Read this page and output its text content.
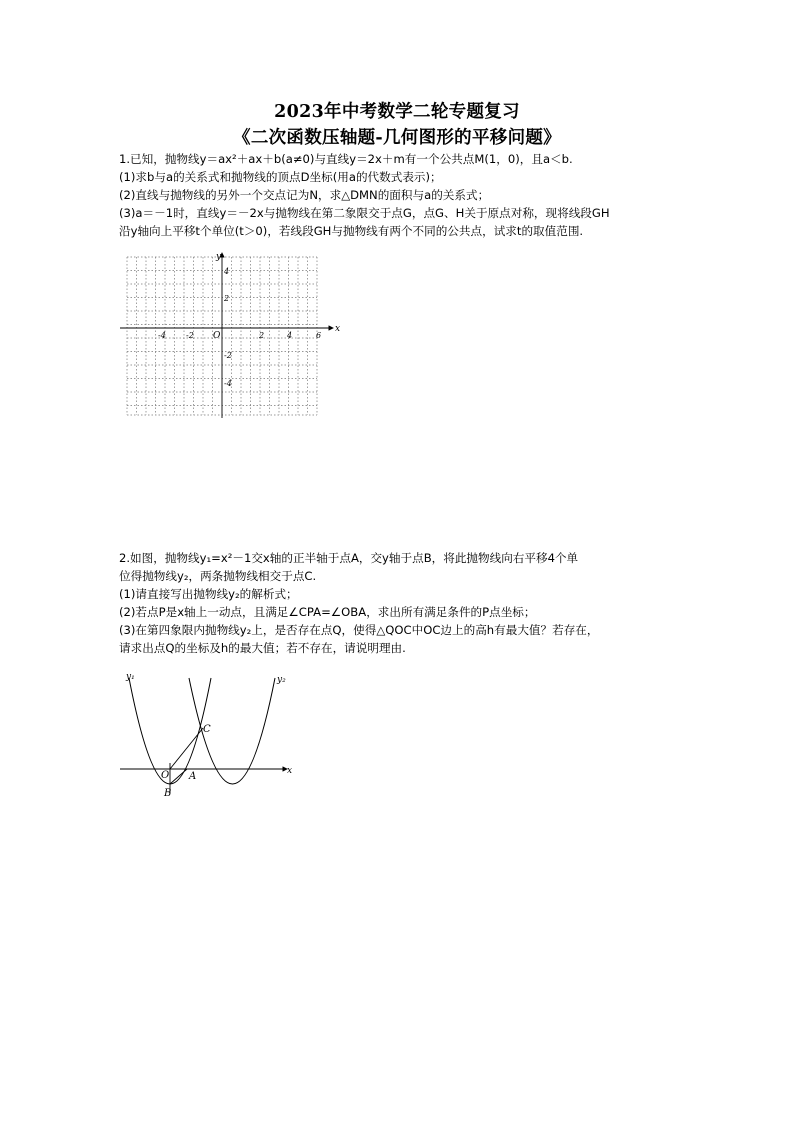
2023年中考数学二轮专题复习
《二次函数压轴题-几何图形的平移问题》
1.已知，抛物线y＝ax²＋ax＋b(a≠0)与直线y＝2x＋m有一个公共点M(1，0)，且a＜b.
(1)求b与a的关系式和抛物线的顶点D坐标(用a的代数式表示)；
(2)直线与抛物线的另外一个交点记为N，求△DMN的面积与a的关系式；
(3)a＝－1时，直线y＝－2x与抛物线在第二象限交于点G，点G、H关于原点对称，现将线段GH
沿y轴向上平移t个单位(t＞0)，若线段GH与抛物线有两个不同的公共点，试求t的取值范围.
x
y
O
-4	-2	2	4	6
4
2
-2
-4
2.如图，抛物线y₁=x²－1交x轴的正半轴于点A，交y轴于点B，将此抛物线向右平移4个单
位得抛物线y₂，两条抛物线相交于点C.
(1)请直接写出抛物线y₂的解析式；
(2)若点P是x轴上一动点，且满足∠CPA=∠OBA，求出所有满足条件的P点坐标；
(3)在第四象限内抛物线y₂上，是否存在点Q，使得△QOC中OC边上的高h有最大值？若存在，
请求出点Q的坐标及h的最大值；若不存在，请说明理由.
y₁	y₂
C
O A
B
x
